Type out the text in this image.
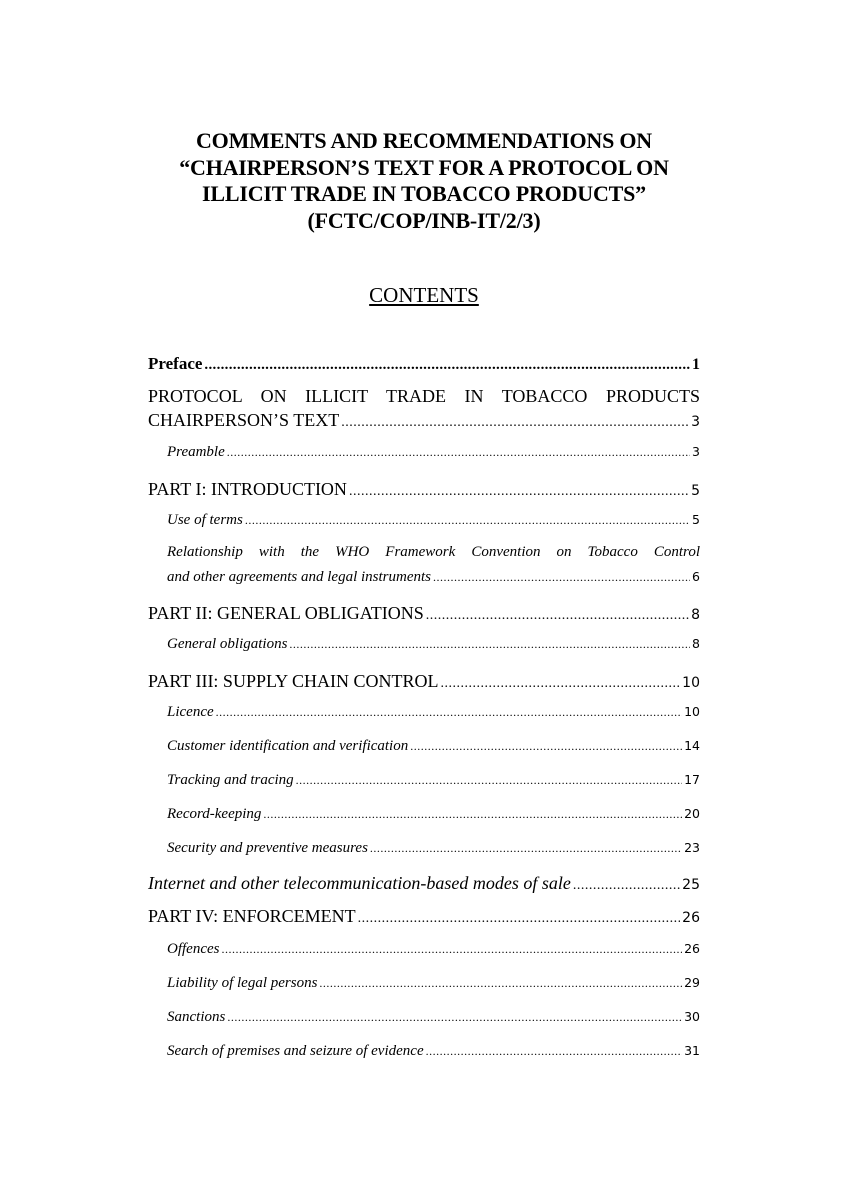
COMMENTS AND RECOMMENDATIONS ON
“CHAIRPERSON’S TEXT FOR A PROTOCOL ON
ILLICIT TRADE IN TOBACCO PRODUCTS”
(FCTC/COP/INB-IT/2/3)
CONTENTS
Preface .....	1
PROTOCOL ON ILLICIT TRADE IN TOBACCO PRODUCTS
CHAIRPERSON’S TEXT .....	3
Preamble .....	3
PART I: INTRODUCTION .....	5
Use of terms .....	5
Relationship with the WHO Framework Convention on Tobacco Control
and other agreements and legal instruments .....	6
PART II: GENERAL OBLIGATIONS .....	8
General obligations .....	8
PART III: SUPPLY CHAIN CONTROL .....	10
Licence .....	10
Customer identification and verification .....	14
Tracking and tracing .....	17
Record-keeping .....	20
Security and preventive measures .....	23
Internet and other telecommunication-based modes of sale .....	25
PART IV: ENFORCEMENT .....	26
Offences .....	26
Liability of legal persons .....	29
Sanctions .....	30
Search of premises and seizure of evidence .....	31
